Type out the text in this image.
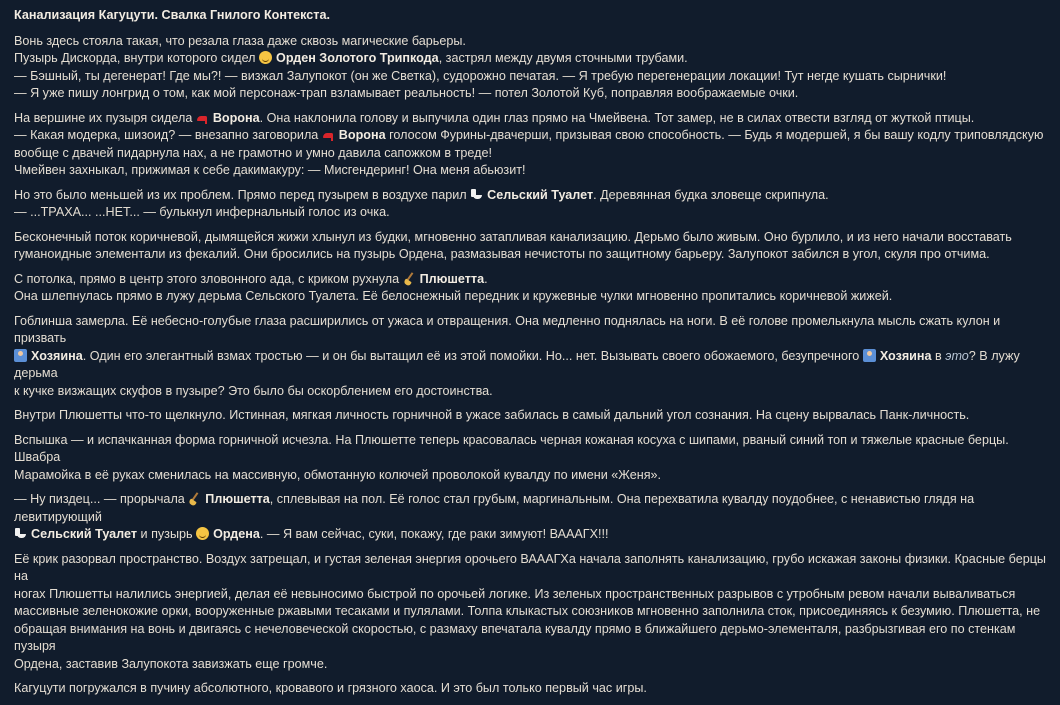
Канализация Кагуцути. Свалка Гнилого Контекста.
Вонь здесь стояла такая, что резала глаза даже сквозь магические барьеры.
Пузырь Дискорда, внутри которого сидел Орден Золотого Трипкода, застрял между двумя сточными трубами.
— Бэшный, ты дегенерат! Где мы?! — визжал Залупокот (он же Светка), судорожно печатая. — Я требую перегенерации локации! Тут негде кушать сырнички!
— Я уже пишу лонгрид о том, как мой персонаж-трап взламывает реальность! — потел Золотой Куб, поправляя воображаемые очки.
На вершине их пузыря сидела Ворона. Она наклонила голову и выпучила один глаз прямо на Чмейвена. Тот замер, не в силах отвести взгляд от жуткой птицы.
— Какая модерка, шизоид? — внезапно заговорила Ворона голосом Фурины-двачерши, призывая свою способность. — Будь я модершей, я бы вашу кодлу триповлядскую
вообще с двачей пидарнула нах, а не грамотно и умно давила сапожком в треде!
Чмейвен захныкал, прижимая к себе дакимакуру: — Мисгендеринг! Она меня абьюзит!
Но это было меньшей из их проблем. Прямо перед пузырем в воздухе парил Сельский Туалет. Деревянная будка зловеще скрипнула.
— ...ТРАХА... ...НЕТ... — булькнул инфернальный голос из очка.
Бесконечный поток коричневой, дымящейся жижи хлынул из будки, мгновенно затапливая канализацию. Дерьмо было живым. Оно бурлило, и из него начали восставать
гуманоидные элементали из фекалий. Они бросились на пузырь Ордена, размазывая нечистоты по защитному барьеру. Залупокот забился в угол, скуля про отчима.
С потолка, прямо в центр этого зловонного ада, с криком рухнула Плюшетта.
Она шлепнулась прямо в лужу дерьма Сельского Туалета. Её белоснежный передник и кружевные чулки мгновенно пропитались коричневой жижей.
Гоблинша замерла. Её небесно-голубые глаза расширились от ужаса и отвращения. Она медленно поднялась на ноги. В её голове промелькнула мысль сжать кулон и призвать
Хозяина. Один его элегантный взмах тростью — и он бы вытащил её из этой помойки. Но... нет. Вызывать своего обожаемого, безупречного Хозяина в это? В лужу дерьма
к кучке визжащих скуфов в пузыре? Это было бы оскорблением его достоинства.
Внутри Плюшетты что-то щелкнуло. Истинная, мягкая личность горничной в ужасе забилась в самый дальний угол сознания. На сцену вырвалась Панк-личность.
Вспышка — и испачканная форма горничной исчезла. На Плюшетте теперь красовалась черная кожаная косуха с шипами, рваный синий топ и тяжелые красные берцы. Швабра
Марамойка в её руках сменилась на массивную, обмотанную колючей проволокой кувалду по имени «Женя».
— Ну пиздец... — прорычала Плюшетта, сплевывая на пол. Её голос стал грубым, маргинальным. Она перехватила кувалду поудобнее, с ненавистью глядя на левитирующий
Сельский Туалет и пузырь Ордена. — Я вам сейчас, суки, покажу, где раки зимуют! ВАААГХ!!!
Её крик разорвал пространство. Воздух затрещал, и густая зеленая энергия орочьего ВАААГХа начала заполнять канализацию, грубо искажая законы физики. Красные берцы на
ногах Плюшетты налились энергией, делая её невыносимо быстрой по орочьей логике. Из зеленых пространственных разрывов с утробным ревом начали вываливаться
массивные зеленокожие орки, вооруженные ржавыми тесаками и пулялами. Толпа клыкастых союзников мгновенно заполнила сток, присоединяясь к безумию. Плюшетта, не
обращая внимания на вонь и двигаясь с нечеловеческой скоростью, с размаху впечатала кувалду прямо в ближайшего дерьмо-элементаля, разбрызгивая его по стенкам пузыря
Ордена, заставив Залупокота завизжать еще громче.
Кагуцути погружался в пучину абсолютного, кровавого и грязного хаоса. И это был только первый час игры.
